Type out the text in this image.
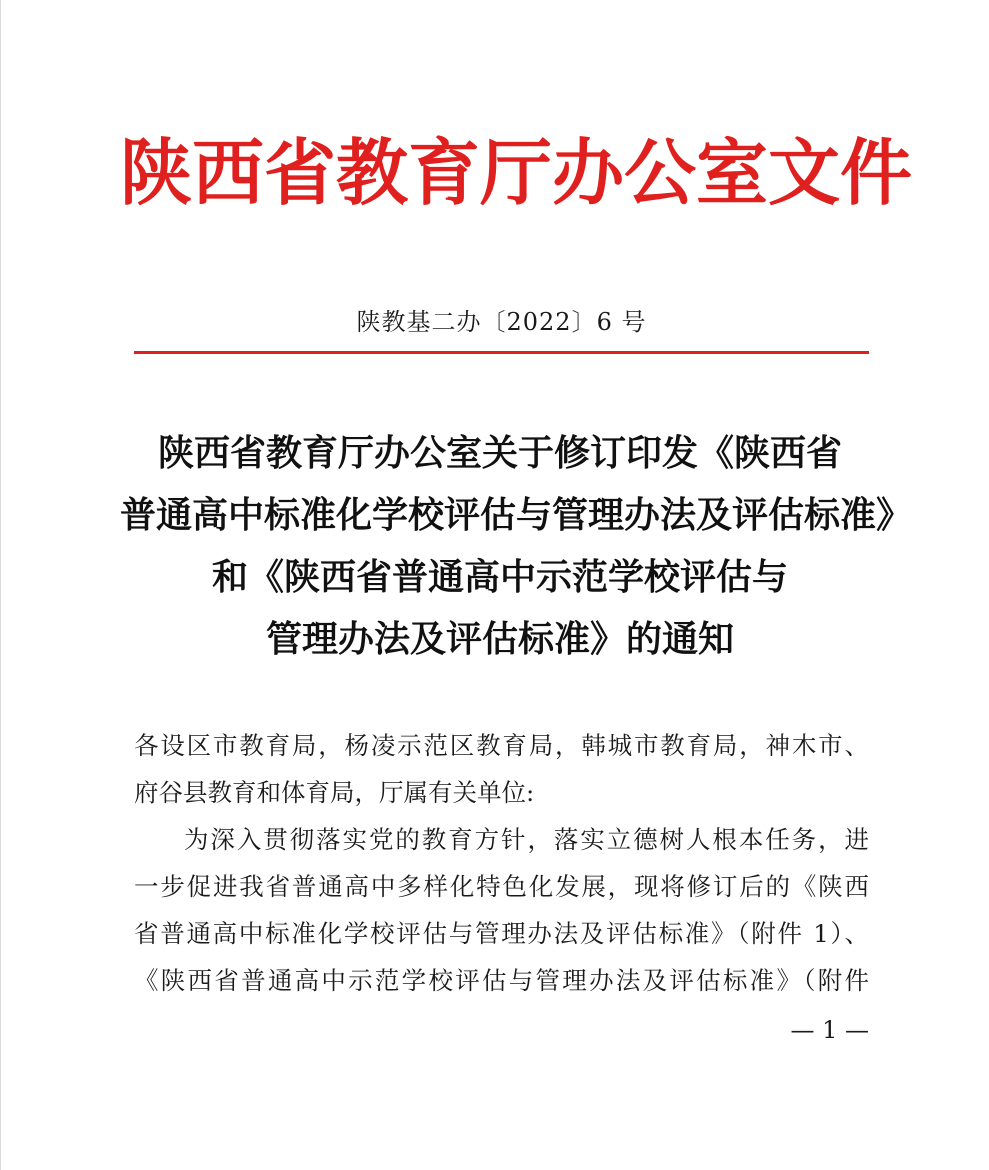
陕西省教育厅办公室文件
陕教基二办〔2022〕6 号
陕西省教育厅办公室关于修订印发《陕西省
普通高中标准化学校评估与管理办法及评估标准》
和《陕西省普通高中示范学校评估与
管理办法及评估标准》的通知
各设区市教育局，杨凌示范区教育局，韩城市教育局，神木市、
府谷县教育和体育局，厅属有关单位:
为深入贯彻落实党的教育方针，落实立德树人根本任务，进
一步促进我省普通高中多样化特色化发展，现将修订后的《陕西
省普通高中标准化学校评估与管理办法及评估标准》（附件 1）、
《陕西省普通高中示范学校评估与管理办法及评估标准》（附件
— 1 —
